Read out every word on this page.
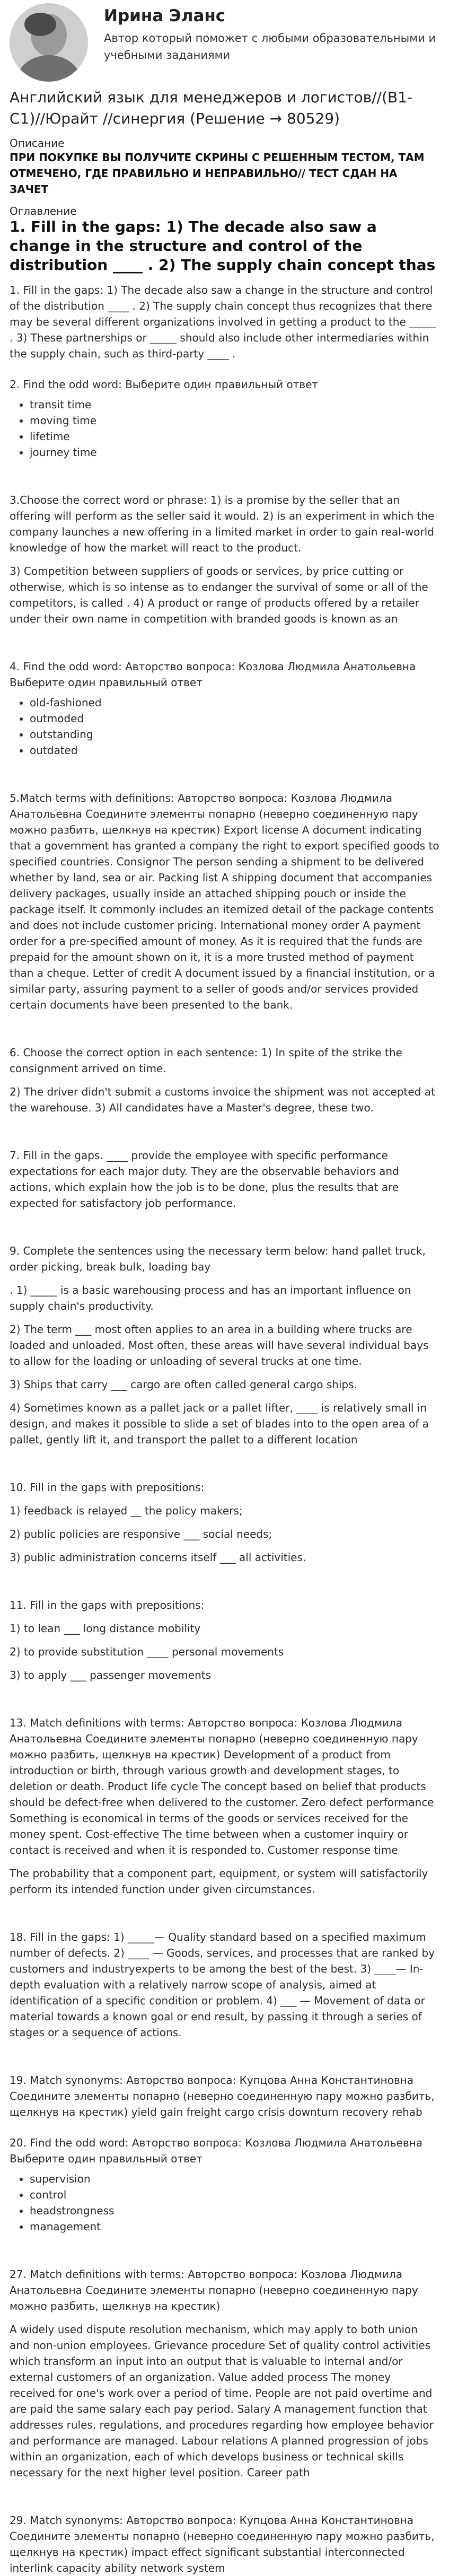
Ирина Эланс
Автор который поможет с любыми образовательными и учебными заданиями
Английский язык для менеджеров и логистов//(B1-C1)//Юрайт //синергия (Решение → 80529)
Описание
ПРИ ПОКУПКЕ ВЫ ПОЛУЧИТЕ СКРИНЫ С РЕШЕННЫМ ТЕСТОМ, ТАМ ОТМЕЧЕНО, ГДЕ ПРАВИЛЬНО И НЕПРАВИЛЬНО// ТЕСТ СДАН НА ЗАЧЕТ
Оглавление
1. Fill in the gaps: 1) The decade also saw a change in the structure and control of the distribution ____ . 2) The supply chain concept thas

1. Fill in the gaps: 1) The decade also saw a change in the structure and control of the distribution ____ . 2) The supply chain concept thus recognizes that there may be several different organizations involved in getting a product to the _____ . 3) These partnerships or _____ should also include other intermediaries within the supply chain, such as third-party ____ .

2. Find the odd word: Выберите один правильный ответ

• transit time
• moving time
• lifetime
• journey time

3.Choose the correct word or phrase: 1) is a promise by the seller that an offering will perform as the seller said it would. 2) is an experiment in which the company launches a new offering in a limited market in order to gain real-world knowledge of how the market will react to the product.

3) Competition between suppliers of goods or services, by price cutting or otherwise, which is so intense as to endanger the survival of some or all of the competitors, is called . 4) A product or range of products offered by a retailer under their own name in competition with branded goods is known as an

4. Find the odd word: Авторство вопроса: Козлова Людмила Анатольевна

Выберите один правильный ответ

• old-fashioned
• outmoded
• outstanding
• outdated

5.Match terms with definitions: Авторство вопроса: Козлова Людмила Анатольевна Соедините элементы попарно (неверно соединенную пару можно разбить, щелкнув на крестик) Export license A document indicating that a government has granted a company the right to export specified goods to specified countries. Consignor The person sending a shipment to be delivered whether by land, sea or air. Packing list A shipping document that accompanies delivery packages, usually inside an attached shipping pouch or inside the package itself. It commonly includes an itemized detail of the package contents and does not include customer pricing. International money order A payment order for a pre-specified amount of money. As it is required that the funds are prepaid for the amount shown on it, it is a more trusted method of payment than a cheque. Letter of credit A document issued by a financial institution, or a similar party, assuring payment to a seller of goods and/or services provided certain documents have been presented to the bank.

6. Choose the correct option in each sentence: 1) In spite of the strike the consignment arrived on time.

2) The driver didn't submit a customs invoice the shipment was not accepted at the warehouse. 3) All candidates have a Master's degree, these two.

7. Fill in the gaps. ____ provide the employee with specific performance expectations for each major duty. They are the observable behaviors and actions, which explain how the job is to be done, plus the results that are expected for satisfactory job performance.

9. Complete the sentences using the necessary term below: hand pallet truck, order picking, break bulk, loading bay

. 1) _____ is a basic warehousing process and has an important influence on supply chain's productivity.

2) The term ___ most often applies to an area in a building where trucks are loaded and unloaded. Most often, these areas will have several individual bays to allow for the loading or unloading of several trucks at one time.

3) Ships that carry ___ cargo are often called general cargo ships.

4) Sometimes known as a pallet jack or a pallet lifter, ____ is relatively small in design, and makes it possible to slide a set of blades into to the open area of a pallet, gently lift it, and transport the pallet to a different location

10. Fill in the gaps with prepositions:

1) feedback is relayed __ the policy makers;

2) public policies are responsive ___ social needs;

3) public administration concerns itself ___ all activities.

11. Fill in the gaps with prepositions:

1) to lean ___ long distance mobility

2) to provide substitution ____ personal movements

3) to apply ___ passenger movements

13. Match definitions with terms: Авторство вопроса: Козлова Людмила Анатольевна Соедините элементы попарно (неверно соединенную пару можно разбить, щелкнув на крестик) Development of a product from introduction or birth, through various growth and development stages, to deletion or death. Product life cycle The concept based on belief that products should be defect-free when delivered to the customer. Zero defect performance Something is economical in terms of the goods or services received for the money spent. Cost-effective The time between when a customer inquiry or contact is received and when it is responded to. Customer response time

The probability that a component part, equipment, or system will satisfactorily perform its intended function under given circumstances.

18. Fill in the gaps: 1) _____— Quality standard based on a specified maximum number of defects. 2) ____ — Goods, services, and processes that are ranked by customers and industryexperts to be among the best of the best. 3) ____— In-depth evaluation with a relatively narrow scope of analysis, aimed at identification of a specific condition or problem. 4) ___ — Movement of data or material towards a known goal or end result, by passing it through a series of stages or a sequence of actions.

19. Match synonyms: Авторство вопроса: Купцова Анна Константиновна Соедините элементы попарно (неверно соединенную пару можно разбить, щелкнув на крестик) yield gain freight cargo crisis downturn recovery rehab

20. Find the odd word: Авторство вопроса: Козлова Людмила Анатольевна

Выберите один правильный ответ

• supervision
• control
• headstrongness
• management

27. Match definitions with terms: Авторство вопроса: Козлова Людмила Анатольевна Соедините элементы попарно (неверно соединенную пару можно разбить, щелкнув на крестик)

A widely used dispute resolution mechanism, which may apply to both union and non-union employees. Grievance procedure Set of quality control activities which transform an input into an output that is valuable to internal and/or external customers of an organization. Value added process The money received for one's work over a period of time. People are not paid overtime and are paid the same salary each pay period. Salary A management function that addresses rules, regulations, and procedures regarding how employee behavior and performance are managed. Labour relations A planned progression of jobs within an organization, each of which develops business or technical skills necessary for the next higher level position. Career path

29. Match synonyms: Авторство вопроса: Купцова Анна Константиновна Соедините элементы попарно (неверно соединенную пару можно разбить, щелкнув на крестик) impact effect significant substantial interconnected interlink capacity ability network system
